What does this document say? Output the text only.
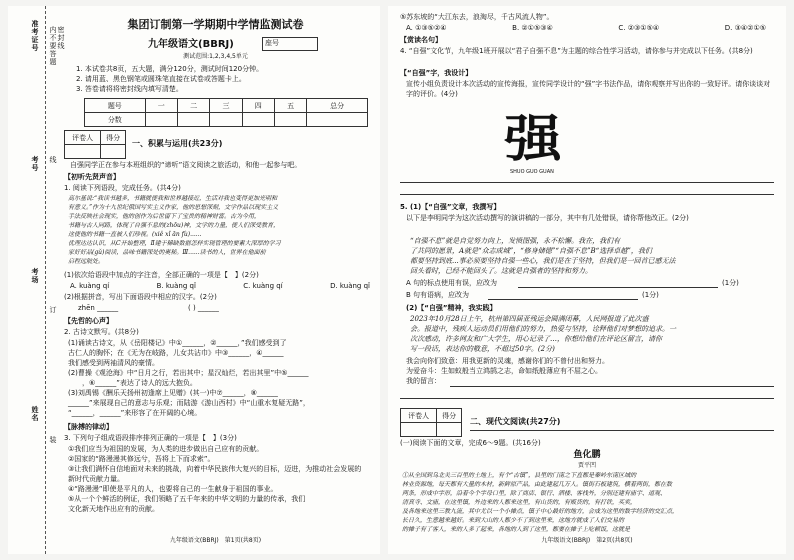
准考证号 内不要答题 密封线
考号 线
考场
订
姓名
装
集团订制第一学期期中学情监测试卷
九年级语文(BBRJ)	座号
测试范围:1,2,3,4,5单元
1. 本试卷共8页，五大题，满分120分，测试时间120分钟。
2. 请用蓝、黑色钢笔或圆珠笔直接在试卷或答题卡上。
3. 答卷请将将密封线内填写清楚。
题号	一	二	三	四	五	总分
分数						
评卷人	得分

一、积累与运用(共23分)
自强同学正在参与本班组织的“谛听”语文阅读之旅活动，和他一起参与吧。
【初听先贤声音】
1. 阅读下列语段，完成任务。(共4分)
高尔基说:“我读书越多，书籍就使我和世界越接近，生活对我也变得更加光明和
有意义。”作为十九世纪俄国写实主义作家，他的思想深刻，文学作品以现实主义
手法反映社会现实，他的创作为后世留下了宝贵的精神财富。古为今用，
书籍与古人同路，体现了自强不息的(zhōu)神，文学的力量，使人们深受教育，
这使他的书籍一直被人们珍视。(xiě xǐ ān fù)......
优理达达认识，从C开始整理，Ⅱ建于稀缺数据怎样实现管理的要素大深厚的学习
家好好品(gǔ)阅读，品味书籍深处的奥秘。Ⅲ......读书的人，世界在他面前
启程远航处。
(1)依次给语段中加点的字注音，全部正确的一项是【　】(2分)
A. kuàng qí	B. kuàng qǐ	C. kuàng qí	D. kuàng qǐ
(2)根据拼音，写出下面语段中相应的汉字。(2分)
zhēn ______	( ) ______
【先哲的心声】
2. 古诗文默写。(共8分)
(1)诵读古诗文，从《岳阳楼记》中①______，②______，”我们感受到了
古仁人的胸怀；在《无为在岐路，儿女共沾巾》中③______，④______
我们感受到两袖清风的豪情。
(2)曹操《观沧海》中“日月之行，若出其中；星汉灿烂，若出其里”中⑤______
　　，⑥______”表达了诗人的远大抱负。
(3)刘禹锡《酬乐天扬州初逢席上见赠》(其一)中⑦______，⑧______
______”来展现自己的意志与乐观；而陆游《游山西村》中“山重水复疑无路”，
“______，______”来形容了在开阔的心境。
【脉搏的律动】
3. 下列句子组成语段排序排列正确的一项是【　】(3分)
①我们应当为祖国的发展，为人类的进步做出自己应有的贡献。
②国家的“路漫漫其修远兮，吾将上下而求索”。
③让我们满怀自信地面对未来的挑战，向着中华民族伟大复兴的目标，迈进，为推动社会发展的
新时代贡献力量。
④“路漫漫”即使是平凡的人，也要将自己的一生献身于祖国的事业。
⑤从一个个鲜活的例证，我们领略了五千年来的中华文明的力量的传承，我们
文化新天地作出应有的贡献。
九年级语文(BBRJ)　第1页(共8页)
⑤苏东坡的“大江东去，浪淘尽，千古风流人物”。
A. ①③⑤②④	B. ②①⑤③④	C. ②③①⑤④	D. ③④②①⑤
【赏读名句】
4. “自强”文化节，九年级1班开展以“君子自强不息”为主题的综合性学习活动，请你参与并完成以下任务。(共8分)
【“自强”字，我设计】
宣传小组负责设计本次活动的宣传海报，宣传同学设计的“强”字书法作品，请你观察并写出你的一致好评。请你谈谈对字的评价。(4分)
强
SHUO GUO GUAN
5. (1)【“自强”文章，我撰写】
以下是李明同学为这次活动撰写的演讲稿的一部分，其中有几处错误，请你帮他改正。(2分)
“自强不息”就是自觉努力向上，发愤图强，永不松懈。我在，我们有
了共同的愿景，A就是“众志成城”，“修身储德”“自强不息”B“选择卓越”，我们
都要坚持到底...事必须要坚持自强一些心，我们是在于坚持，但我们是一回首已感无法
回头看时，已经不能回头了。这就是自强者的坚持和努力。
A 句的标点使用有误，应改为	(1分)
B 句有语病，应改为	(1分)
(2)【“自强”精神，我实践】
2023年10月28日上午，杭州第四届亚残运会圆满闭幕，人民网报道了此次盛
会。报道中，残疾人运动员们用他们的努力，热爱与坚持，诠释他们对梦想的追求。一
次次感动，许多网友和广大学生，用心记录了…，你想给他们在评论区留言，请你
写一段话，表达你的敬意，不超过50字。(2分)
我会向你们致意：用我更新的灵魂，感谢你们的不曾付出和努力。
为爱奋斗：生如蚁般当立鸿鹄之志，命如纸般薄应有不屈之心。
我的留言：
评卷人	得分

二、现代文阅读(共27分)
(一)阅读下面的文章，完成6～9题。(共16分)
鱼化鹏
贾平凹
①从全国到乌北关三百里的土地上，有个“古镇”，县里的门南之下直都是秦岭东南区域的
林业资源地，每天都有大量的木材，新鲜原产品，由此建起几万人。镇街石板建筑，横着两街，都在数
两条，形成中字形，沿着今个字母口里，除了商店、银行、酒楼、客栈外，分别还建有庙宇、道观、
清真寺、文庙，在这里镇，外边来的人都来这里，有山货的，有贩货的，有打铁，买卖，
及各地来这里三教九流，其中尤以一个小摊点，镇子中心最好的地方，会成为这里的数字经济的交汇点，
长日久，生意越来越好。来到大山的人都少不了到这里来，这地方就成了人们交易的
的摊子有了客人，来的人多了起来，各地的人到了这里，都要在摊子上吃顿饭，这就是
九年级语文(BBRJ)　第2页(共8页)
